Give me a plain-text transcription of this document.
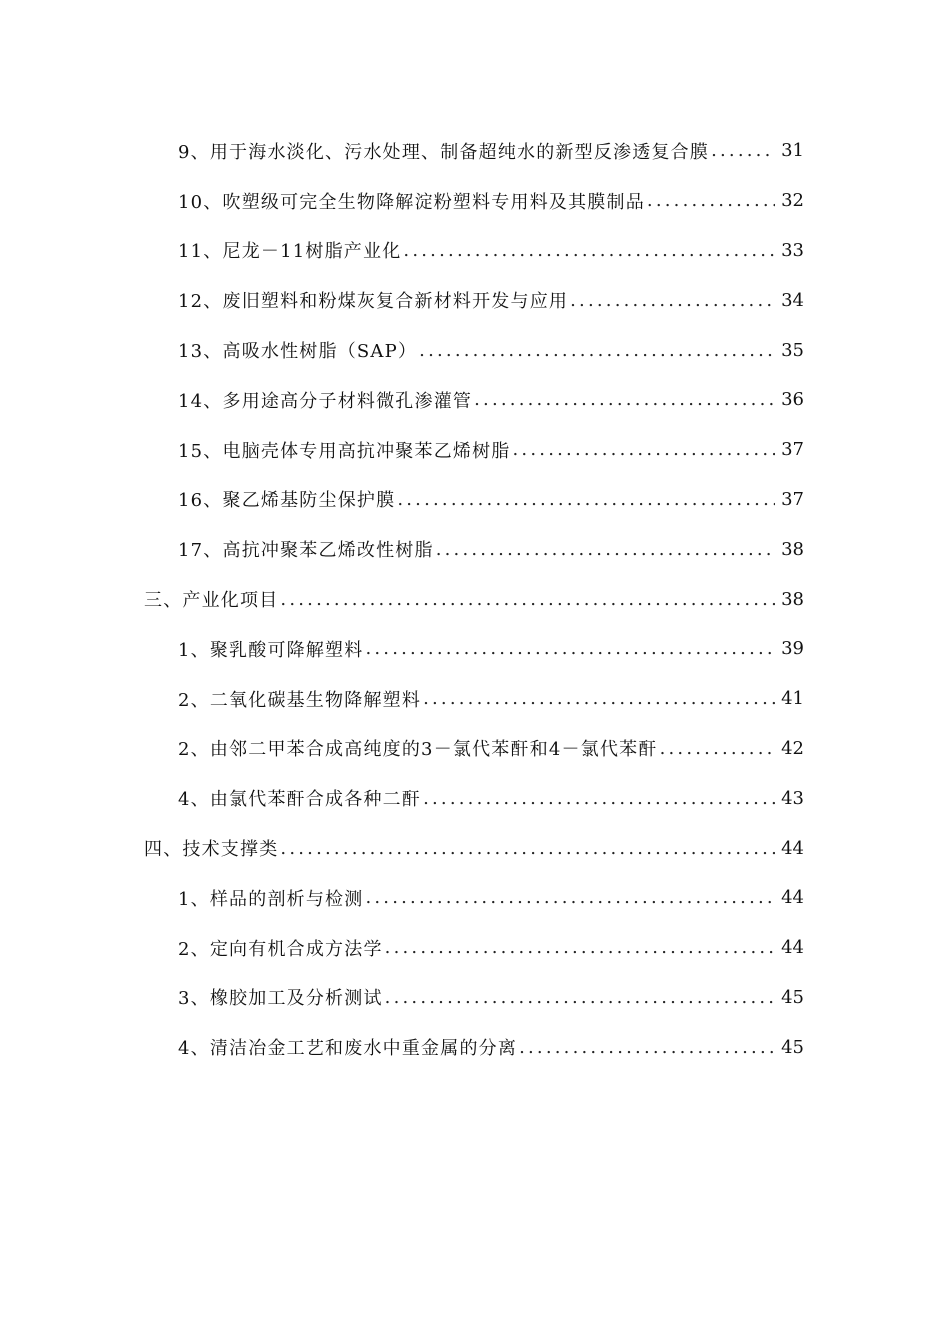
9、用于海水淡化、污水处理、制备超纯水的新型反渗透复合膜 .....	31
10、吹塑级可完全生物降解淀粉塑料专用料及其膜制品 .....	32
11、尼龙－11树脂产业化 .....	33
12、废旧塑料和粉煤灰复合新材料开发与应用 .....	34
13、高吸水性树脂（SAP） .....	35
14、多用途高分子材料微孔渗灌管 .....	36
15、电脑壳体专用高抗冲聚苯乙烯树脂 .....	37
16、聚乙烯基防尘保护膜 .....	37
17、高抗冲聚苯乙烯改性树脂 .....	38
三、产业化项目 .....	38
1、聚乳酸可降解塑料 .....	39
2、二氧化碳基生物降解塑料 .....	41
2、由邻二甲苯合成高纯度的3－氯代苯酐和4－氯代苯酐 .....	42
4、由氯代苯酐合成各种二酐 .....	43
四、技术支撑类 .....	44
1、样品的剖析与检测 .....	44
2、定向有机合成方法学 .....	44
3、橡胶加工及分析测试 .....	45
4、清洁冶金工艺和废水中重金属的分离 .....	45
